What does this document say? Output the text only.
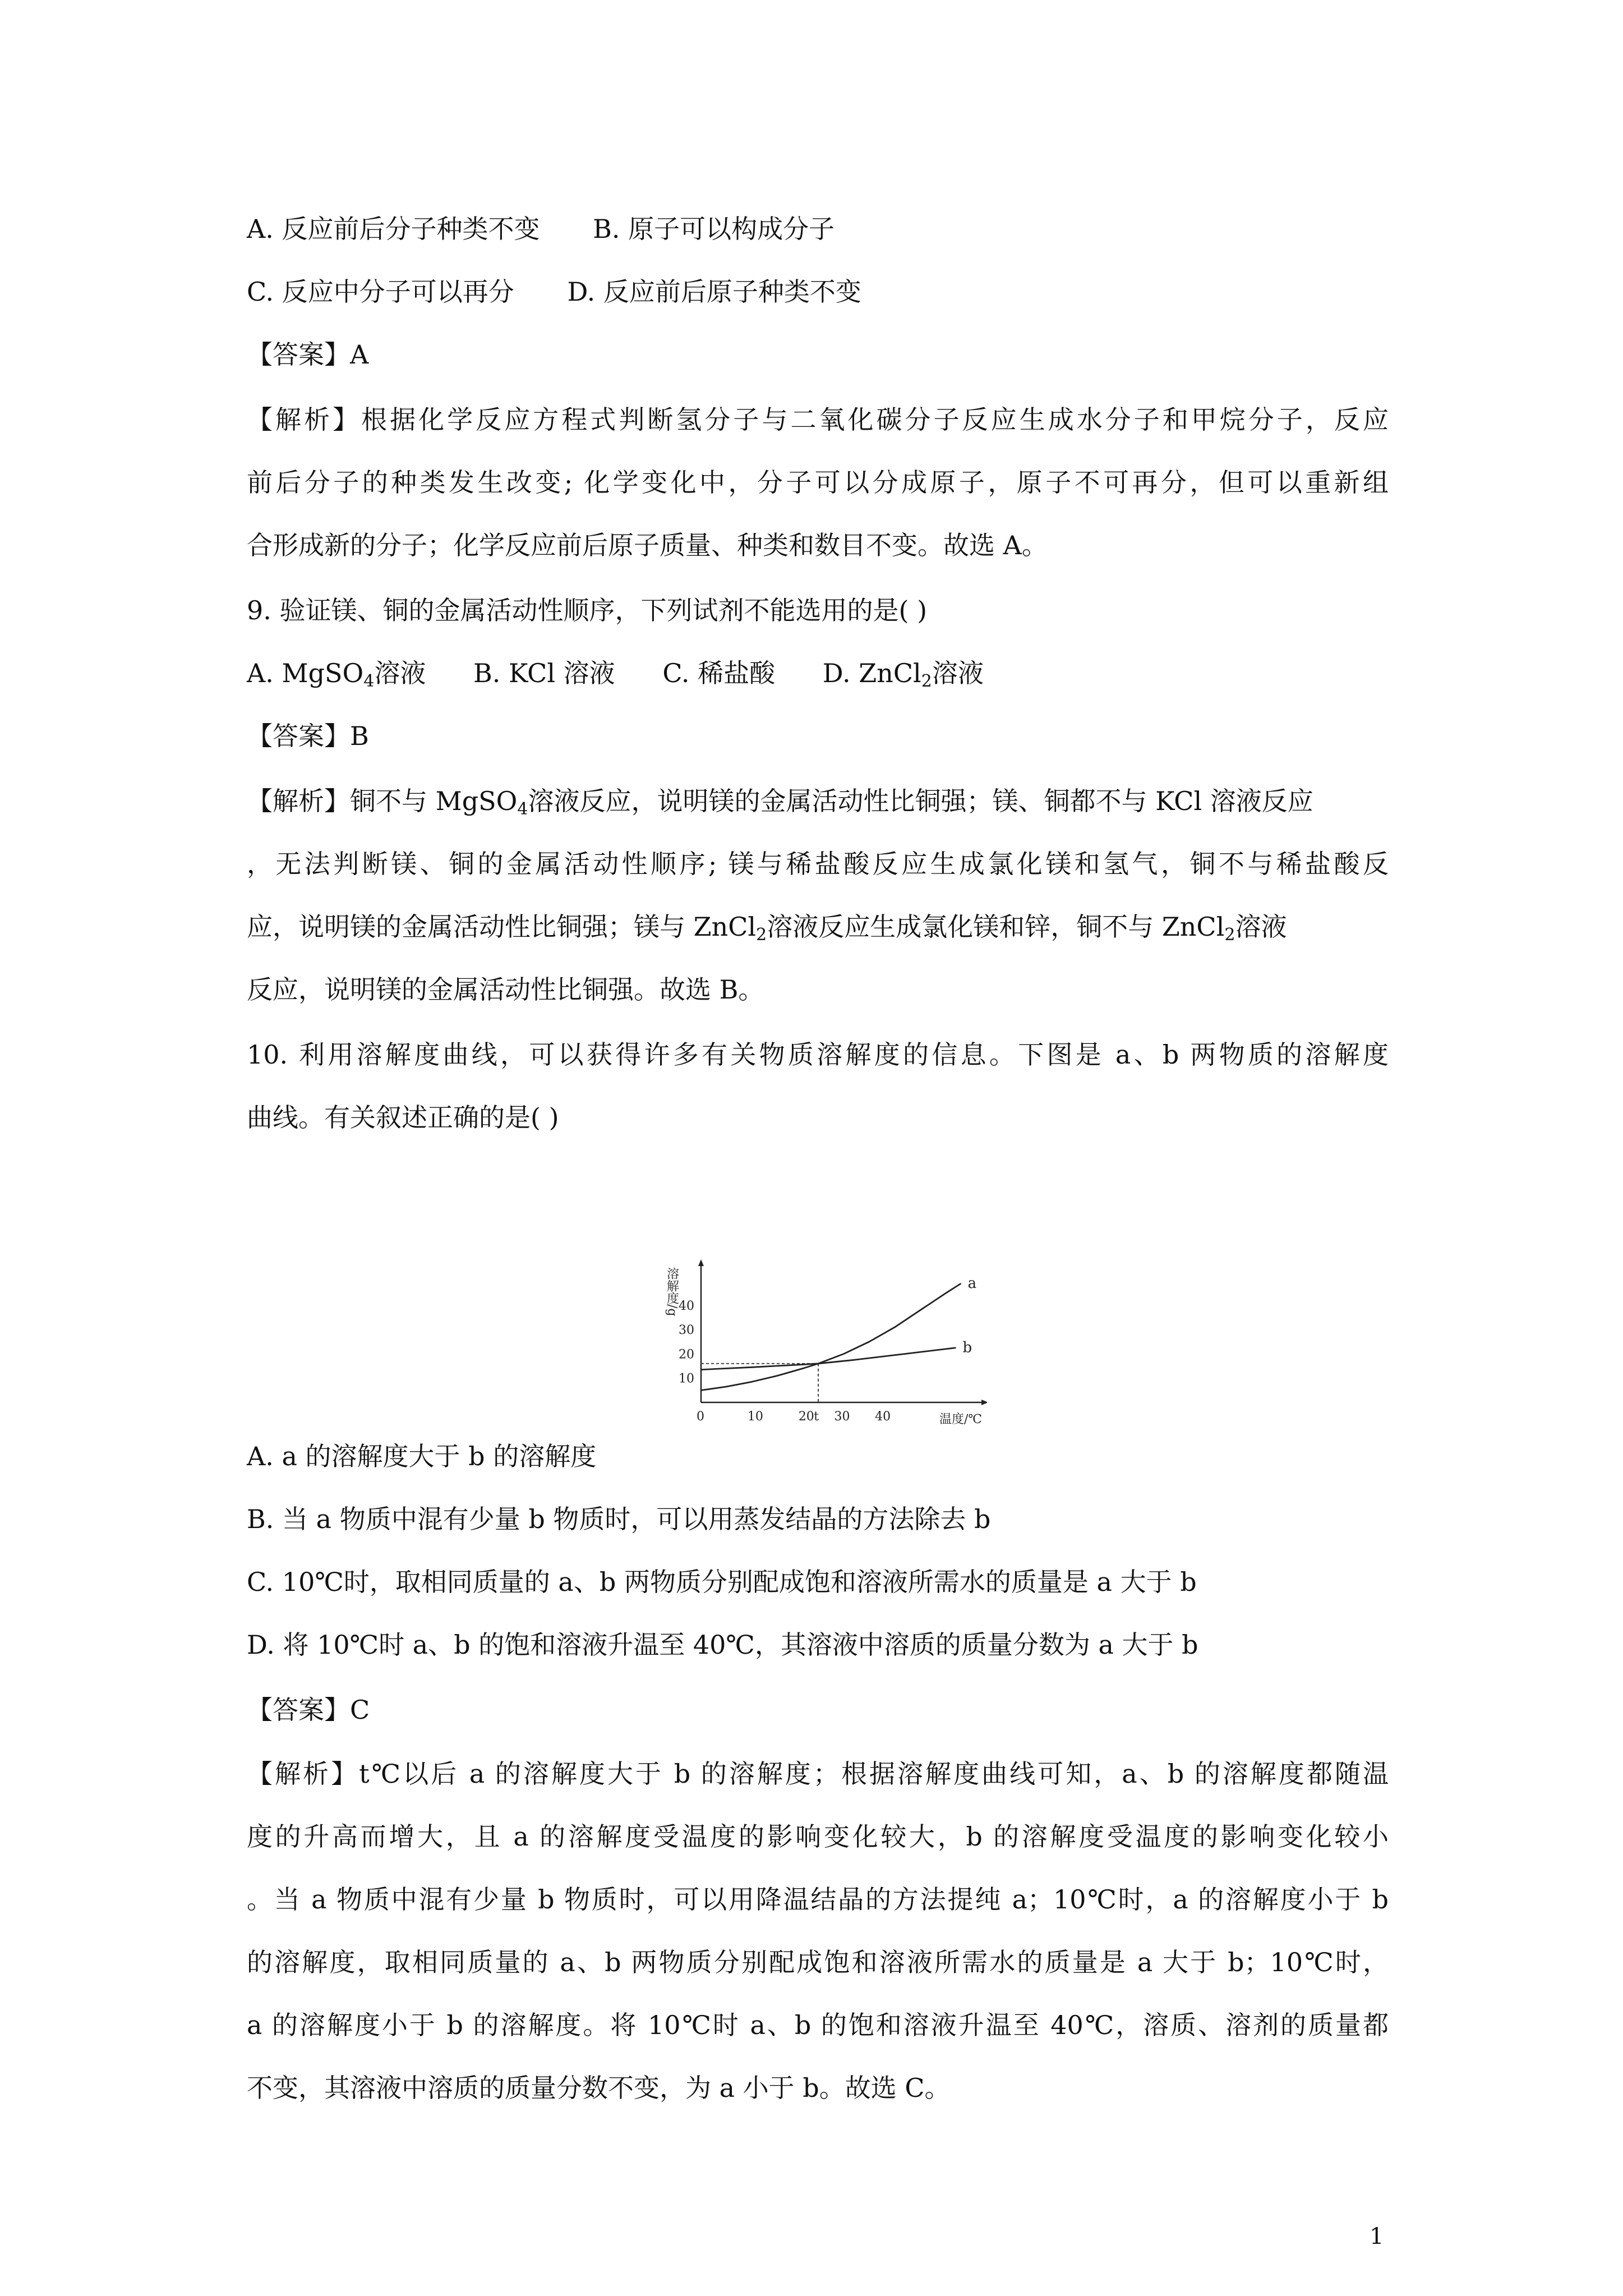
A. 反应前后分子种类不变 B. 原子可以构成分子
C. 反应中分子可以再分 D. 反应前后原子种类不变
【答案】A
【解析】根据化学反应方程式判断氢分子与二氧化碳分子反应生成水分子和甲烷分子，反应
前后分子的种类发生改变; 化学变化中，分子可以分成原子，原子不可再分，但可以重新组
合形成新的分子；化学反应前后原子质量、种类和数目不变。故选 A。
9. 验证镁、铜的金属活动性顺序，下列试剂不能选用的是( )
A. MgSO$_4$溶液 B. KCl 溶液 C. 稀盐酸 D. ZnCl$_2$溶液
【答案】B
【解析】铜不与 MgSO$_4$溶液反应，说明镁的金属活动性比铜强；镁、铜都不与 KCl 溶液反应
，无法判断镁、铜的金属活动性顺序; 镁与稀盐酸反应生成氯化镁和氢气，铜不与稀盐酸反
应，说明镁的金属活动性比铜强；镁与 ZnCl$_2$溶液反应生成氯化镁和锌，铜不与 ZnCl$_2$溶液
反应，说明镁的金属活动性比铜强。故选 B。
10. 利用溶解度曲线，可以获得许多有关物质溶解度的信息。下图是 a、b 两物质的溶解度
曲线。有关叙述正确的是( )
溶解度/g
温度/℃
0	10	20 t 30 40
10
20
30
40
a
b
A. a 的溶解度大于 b 的溶解度
B. 当 a 物质中混有少量 b 物质时，可以用蒸发结晶的方法除去 b
C. 10℃时，取相同质量的 a、b 两物质分别配成饱和溶液所需水的质量是 a 大于 b
D. 将 10℃时 a、b 的饱和溶液升温至 40℃，其溶液中溶质的质量分数为 a 大于 b
【答案】C
【解析】t℃以后 a 的溶解度大于 b 的溶解度；根据溶解度曲线可知，a、b 的溶解度都随温
度的升高而增大，且 a 的溶解度受温度的影响变化较大，b 的溶解度受温度的影响变化较小
。当 a 物质中混有少量 b 物质时，可以用降温结晶的方法提纯 a；10℃时，a 的溶解度小于 b
的溶解度，取相同质量的 a、b 两物质分别配成饱和溶液所需水的质量是 a 大于 b；10℃时，
a 的溶解度小于 b 的溶解度。将 10℃时 a、b 的饱和溶液升温至 40℃，溶质、溶剂的质量都
不变，其溶液中溶质的质量分数不变，为 a 小于 b。故选 C。
1
